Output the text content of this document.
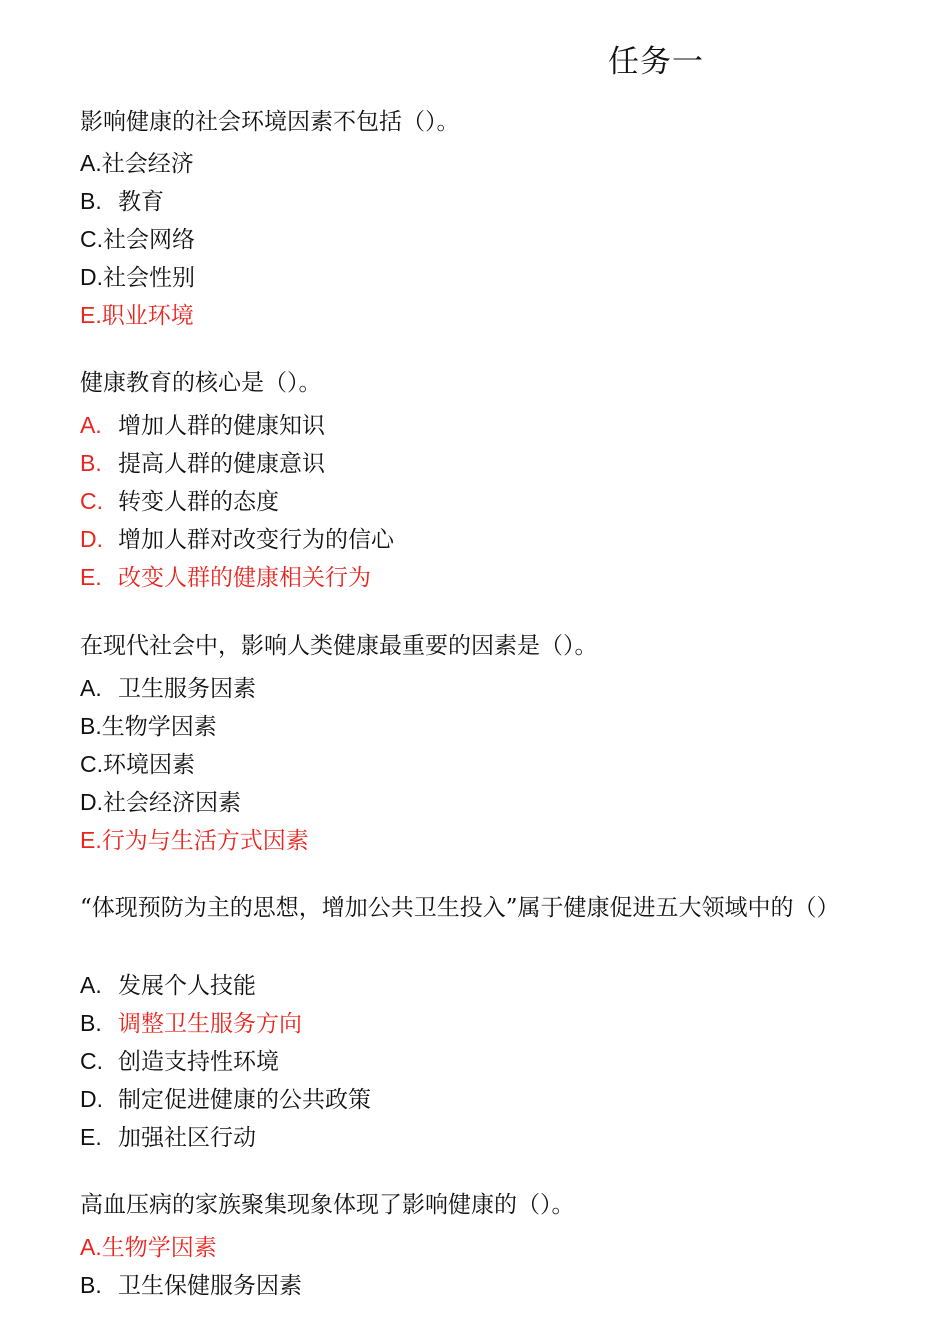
任务一
影响健康的社会环境因素不包括（）。
A.社会经济
B. 教育
C.社会网络
D.社会性别
E.职业环境
健康教育的核心是（）。
A. 增加人群的健康知识
B. 提高人群的健康意识
C. 转变人群的态度
D. 增加人群对改变行为的信心
E. 改变人群的健康相关行为
在现代社会中，影响人类健康最重要的因素是（）。
A. 卫生服务因素
B.生物学因素
C.环境因素
D.社会经济因素
E.行为与生活方式因素
“体现预防为主的思想，增加公共卫生投入”属于健康促进五大领域中的（）
A. 发展个人技能
B. 调整卫生服务方向
C. 创造支持性环境
D. 制定促进健康的公共政策
E. 加强社区行动
高血压病的家族聚集现象体现了影响健康的（）。
A.生物学因素
B. 卫生保健服务因素
